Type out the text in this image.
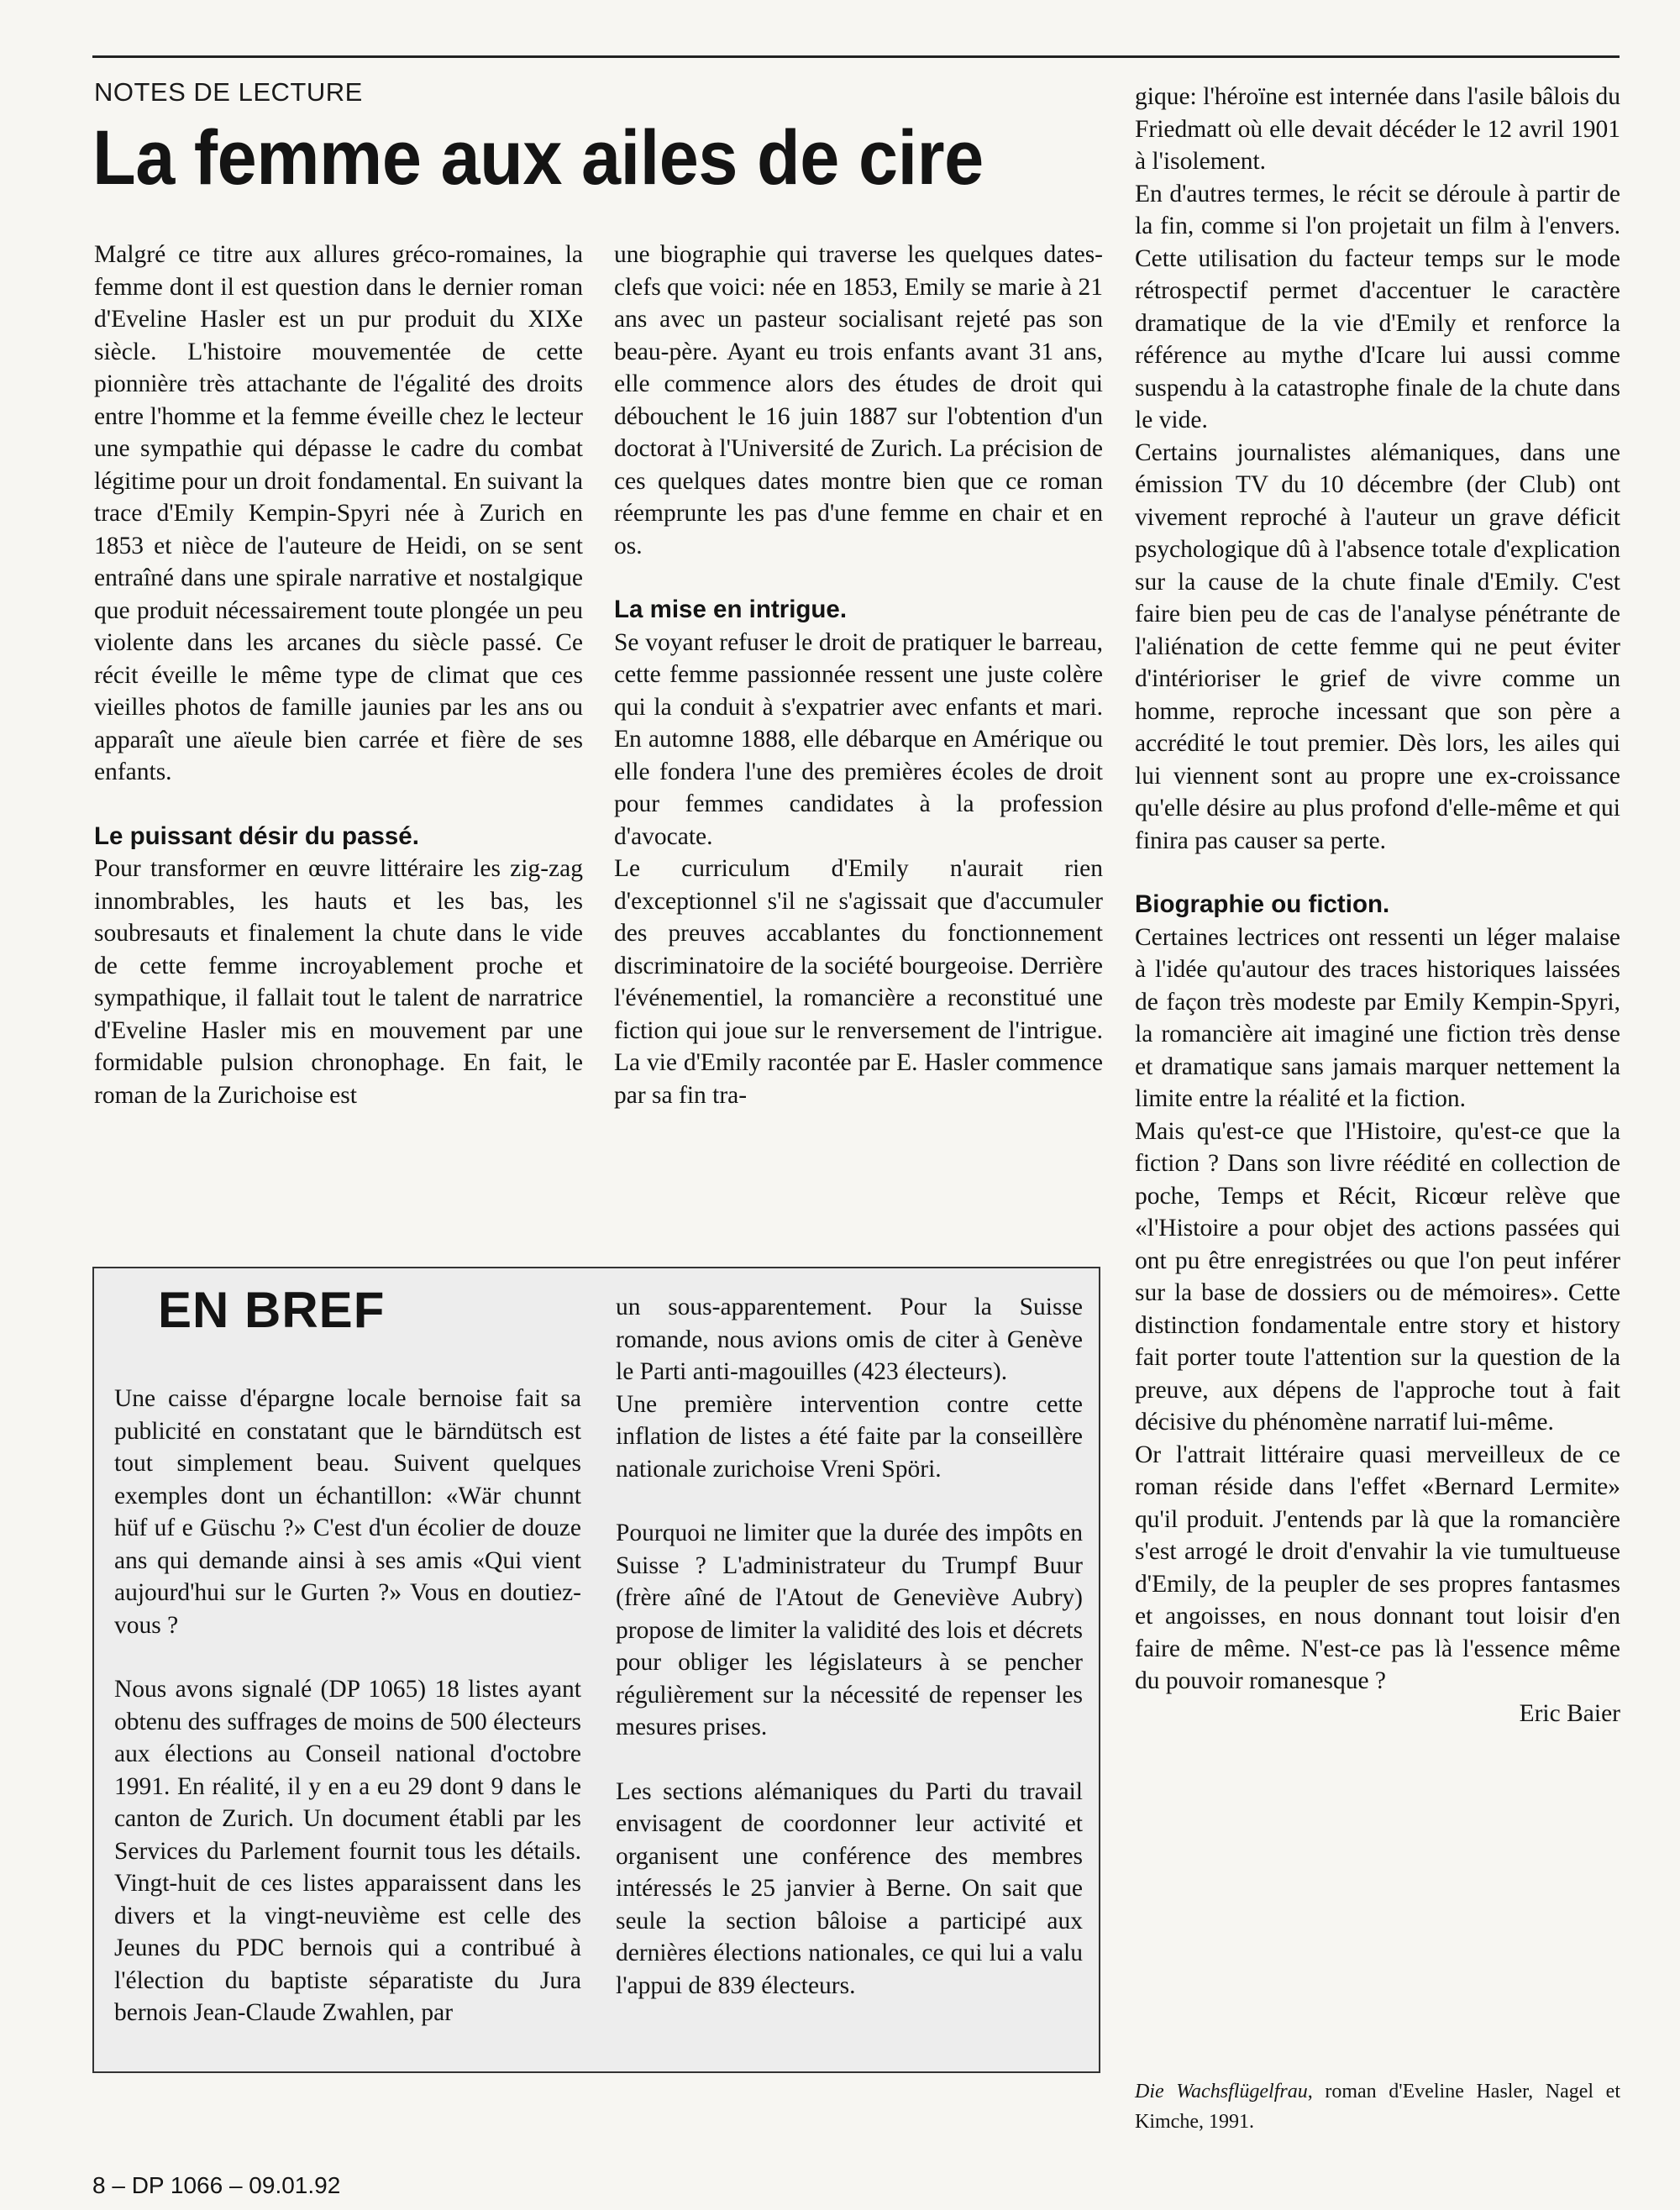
NOTES DE LECTURE
La femme aux ailes de cire

Malgré ce titre aux allures gréco-romaines, la femme dont il est question dans le dernier roman d'Eveline Hasler est un pur produit du XIXe siècle. L'histoire mouvementée de cette pionnière très attachante de l'égalité des droits entre l'homme et la femme éveille chez le lecteur une sympathie qui dépasse le cadre du combat légitime pour un droit fondamental. En suivant la trace d'Emily Kempin-Spyri née à Zurich en 1853 et nièce de l'auteure de Heidi, on se sent entraîné dans une spirale narrative et nostalgique que produit nécessairement toute plongée un peu violente dans les arcanes du siècle passé. Ce récit éveille le même type de climat que ces vieilles photos de famille jaunies par les ans ou apparaît une aïeule bien carrée et fière de ses enfants.

Le puissant désir du passé.

Pour transformer en œuvre littéraire les zig-zag innombrables, les hauts et les bas, les soubresauts et finalement la chute dans le vide de cette femme incroyablement proche et sympathique, il fallait tout le talent de narratrice d'Eveline Hasler mis en mouvement par une formidable pulsion chronophage. En fait, le roman de la Zurichoise est

une biographie qui traverse les quelques dates-clefs que voici: née en 1853, Emily se marie à 21 ans avec un pasteur socialisant rejeté pas son beau-père. Ayant eu trois enfants avant 31 ans, elle commence alors des études de droit qui débouchent le 16 juin 1887 sur l'obtention d'un doctorat à l'Université de Zurich. La précision de ces quelques dates montre bien que ce roman réemprunte les pas d'une femme en chair et en os.

La mise en intrigue.

Se voyant refuser le droit de pratiquer le barreau, cette femme passionnée ressent une juste colère qui la conduit à s'expatrier avec enfants et mari. En automne 1888, elle débarque en Amérique ou elle fondera l'une des premières écoles de droit pour femmes candidates à la profession d'avocate.

Le curriculum d'Emily n'aurait rien d'exceptionnel s'il ne s'agissait que d'accumuler des preuves accablantes du fonctionnement discriminatoire de la société bourgeoise. Derrière l'événementiel, la romancière a reconstitué une fiction qui joue sur le renversement de l'intrigue. La vie d'Emily racontée par E. Hasler commence par sa fin tra-

gique: l'héroïne est internée dans l'asile bâlois du Friedmatt où elle devait décéder le 12 avril 1901 à l'isolement.

En d'autres termes, le récit se déroule à partir de la fin, comme si l'on projetait un film à l'envers. Cette utilisation du facteur temps sur le mode rétrospectif permet d'accentuer le caractère dramatique de la vie d'Emily et renforce la référence au mythe d'Icare lui aussi comme suspendu à la catastrophe finale de la chute dans le vide.

Certains journalistes alémaniques, dans une émission TV du 10 décembre (der Club) ont vivement reproché à l'auteur un grave déficit psychologique dû à l'absence totale d'explication sur la cause de la chute finale d'Emily. C'est faire bien peu de cas de l'analyse pénétrante de l'aliénation de cette femme qui ne peut éviter d'intérioriser le grief de vivre comme un homme, reproche incessant que son père a accrédité le tout premier. Dès lors, les ailes qui lui viennent sont au propre une ex-croissance qu'elle désire au plus profond d'elle-même et qui finira pas causer sa perte.

Biographie ou fiction.

Certaines lectrices ont ressenti un léger malaise à l'idée qu'autour des traces historiques laissées de façon très modeste par Emily Kempin-Spyri, la romancière ait imaginé une fiction très dense et dramatique sans jamais marquer nettement la limite entre la réalité et la fiction.

Mais qu'est-ce que l'Histoire, qu'est-ce que la fiction ? Dans son livre réédité en collection de poche, Temps et Récit, Ricœur relève que «l'Histoire a pour objet des actions passées qui ont pu être enregistrées ou que l'on peut inférer sur la base de dossiers ou de mémoires». Cette distinction fondamentale entre story et history fait porter toute l'attention sur la question de la preuve, aux dépens de l'approche tout à fait décisive du phénomène narratif lui-même.

Or l'attrait littéraire quasi merveilleux de ce roman réside dans l'effet «Bernard Lermite» qu'il produit. J'entends par là que la romancière s'est arrogé le droit d'envahir la vie tumultueuse d'Emily, de la peupler de ses propres fantasmes et angoisses, en nous donnant tout loisir d'en faire de même. N'est-ce pas là l'essence même du pouvoir romanesque ?

Eric Baier

Die Wachsflügelfrau, roman d'Eveline Hasler, Nagel et Kimche, 1991.
EN BREF

Une caisse d'épargne locale bernoise fait sa publicité en constatant que le bärndütsch est tout simplement beau. Suivent quelques exemples dont un échantillon: «Wär chunnt hüf uf e Güschu ?» C'est d'un écolier de douze ans qui demande ainsi à ses amis «Qui vient aujourd'hui sur le Gurten ?» Vous en doutiez-vous ?

Nous avons signalé (DP 1065) 18 listes ayant obtenu des suffrages de moins de 500 électeurs aux élections au Conseil national d'octobre 1991. En réalité, il y en a eu 29 dont 9 dans le canton de Zurich. Un document établi par les Services du Parlement fournit tous les détails. Vingt-huit de ces listes apparaissent dans les divers et la vingt-neuvième est celle des Jeunes du PDC bernois qui a contribué à l'élection du baptiste séparatiste du Jura bernois Jean-Claude Zwahlen, par

un sous-apparentement. Pour la Suisse romande, nous avions omis de citer à Genève le Parti anti-magouilles (423 électeurs).

Une première intervention contre cette inflation de listes a été faite par la conseillère nationale zurichoise Vreni Spöri.

Pourquoi ne limiter que la durée des impôts en Suisse ? L'administrateur du Trumpf Buur (frère aîné de l'Atout de Geneviève Aubry) propose de limiter la validité des lois et décrets pour obliger les législateurs à se pencher régulièrement sur la nécessité de repenser les mesures prises.

Les sections alémaniques du Parti du travail envisagent de coordonner leur activité et organisent une conférence des membres intéressés le 25 janvier à Berne. On sait que seule la section bâloise a participé aux dernières élections nationales, ce qui lui a valu l'appui de 839 électeurs.

8 – DP 1066 – 09.01.92
